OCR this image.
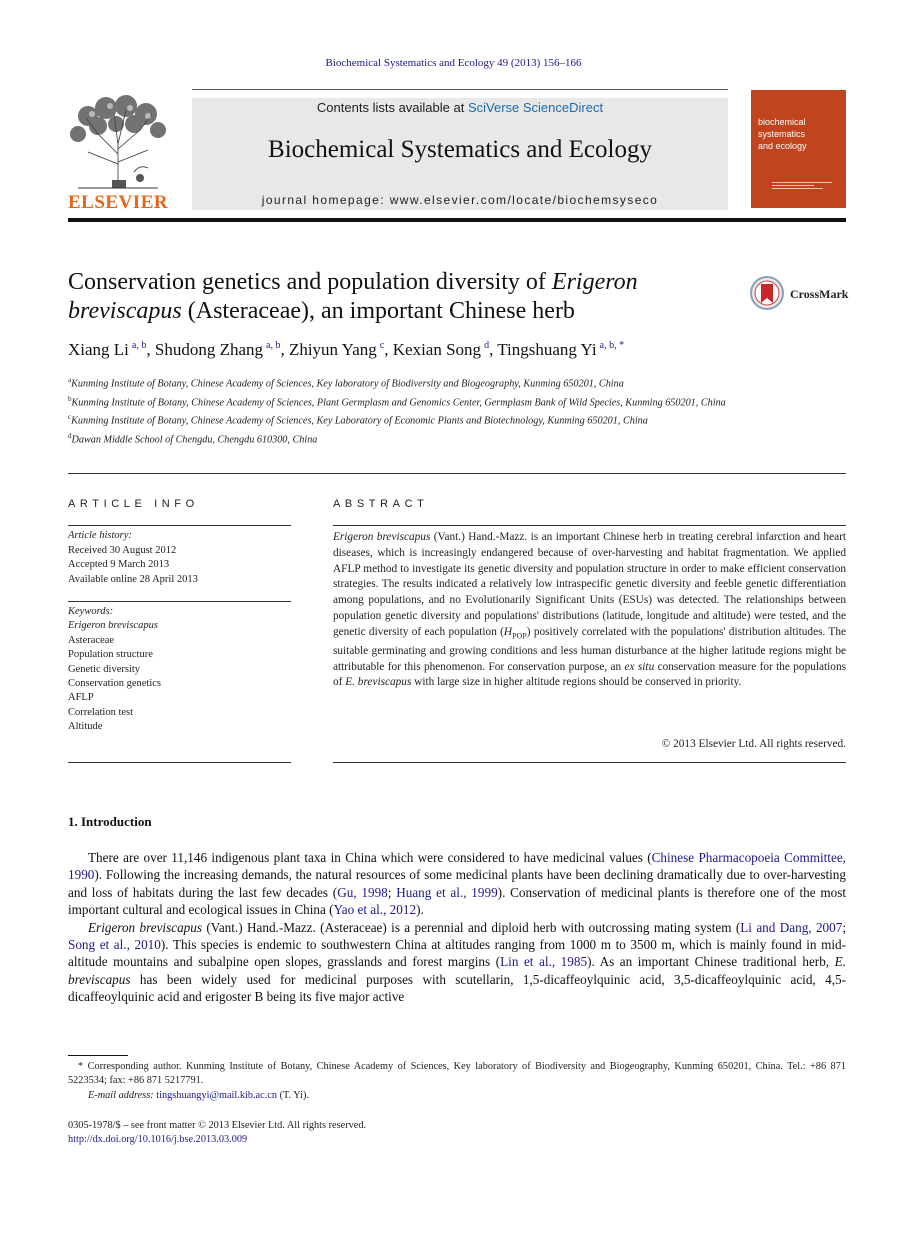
Biochemical Systematics and Ecology 49 (2013) 156–166
ELSEVIER
Contents lists available at SciVerse ScienceDirect
Biochemical Systematics and Ecology
journal homepage: www.elsevier.com/locate/biochemsyseco
biochemical
systematics
and ecology
Conservation genetics and population diversity of Erigeron
breviscapus (Asteraceae), an important Chinese herb
CrossMark
Xiang Li $^{a, b}$, Shudong Zhang $^{a, b}$, Zhiyun Yang $^c$, Kexian Song $^d$, Tingshuang Yi $^{a, b, *}$
$^a$Kunming Institute of Botany, Chinese Academy of Sciences, Key laboratory of Biodiversity and Biogeography, Kunming 650201, China
$^b$Kunming Institute of Botany, Chinese Academy of Sciences, Plant Germplasm and Genomics Center, Germplasm Bank of Wild Species, Kunming 650201, China
$^c$Kunming Institute of Botany, Chinese Academy of Sciences, Key Laboratory of Economic Plants and Biotechnology, Kunming 650201, China
$^d$Dawan Middle School of Chengdu, Chengdu 610300, China
ARTICLE INFO	ABSTRACT
Article history:
Received 30 August 2012
Accepted 9 March 2013
Available online 28 April 2013
Keywords:
Erigeron breviscapus
Asteraceae
Population structure
Genetic diversity
Conservation genetics
AFLP
Correlation test
Altitude
Erigeron breviscapus (Vant.) Hand.-Mazz. is an important Chinese herb in treating cerebral infarction and heart diseases, which is increasingly endangered because of over-harvesting and habitat fragmentation. We applied AFLP method to investigate its genetic diversity and population structure in order to make efficient conservation strategies. The results indicated a relatively low intraspecific genetic diversity and feeble genetic differentiation among populations, and no Evolutionarily Significant Units (ESUs) was detected. The relationships between population genetic diversity and populations' distributions (latitude, longitude and altitude) were tested, and the genetic diversity of each population $(H_{POP})$ positively correlated with the populations' distribution altitudes. The suitable germinating and growing conditions and less human disturbance at the higher latitude regions might be attributable for this phenomenon. For conservation purpose, an ex situ conservation measure for the populations of E. breviscapus with large size in higher altitude regions should be conserved in priority.
© 2013 Elsevier Ltd. All rights reserved.
1. Introduction

There are over 11,146 indigenous plant taxa in China which were considered to have medicinal values (Chinese Pharmacopoeia Committee, 1990). Following the increasing demands, the natural resources of some medicinal plants have been declining dramatically due to over-harvesting and loss of habitats during the last few decades (Gu, 1998; Huang et al., 1999). Conservation of medicinal plants is therefore one of the most important cultural and ecological issues in China (Yao et al., 2012).

Erigeron breviscapus (Vant.) Hand.-Mazz. (Asteraceae) is a perennial and diploid herb with outcrossing mating system (Li and Dang, 2007; Song et al., 2010). This species is endemic to southwestern China at altitudes ranging from 1000 m to 3500 m, which is mainly found in mid-altitude mountains and subalpine open slopes, grasslands and forest margins (Lin et al., 1985). As an important Chinese traditional herb, E. breviscapus has been widely used for medicinal purposes with scutellarin, 1,5-dicaffeoylquinic acid, 3,5-dicaffeoylquinic acid, 4,5-dicaffeoylquinic acid and erigoster B being its five major active

* Corresponding author. Kunming Institute of Botany, Chinese Academy of Sciences, Key laboratory of Biodiversity and Biogeography, Kunming 650201, China. Tel.: +86 871 5223534; fax: +86 871 5217791.
E-mail address: tingshuangyi@mail.kib.ac.cn (T. Yi).
0305-1978/$ – see front matter © 2013 Elsevier Ltd. All rights reserved.
http://dx.doi.org/10.1016/j.bse.2013.03.009
